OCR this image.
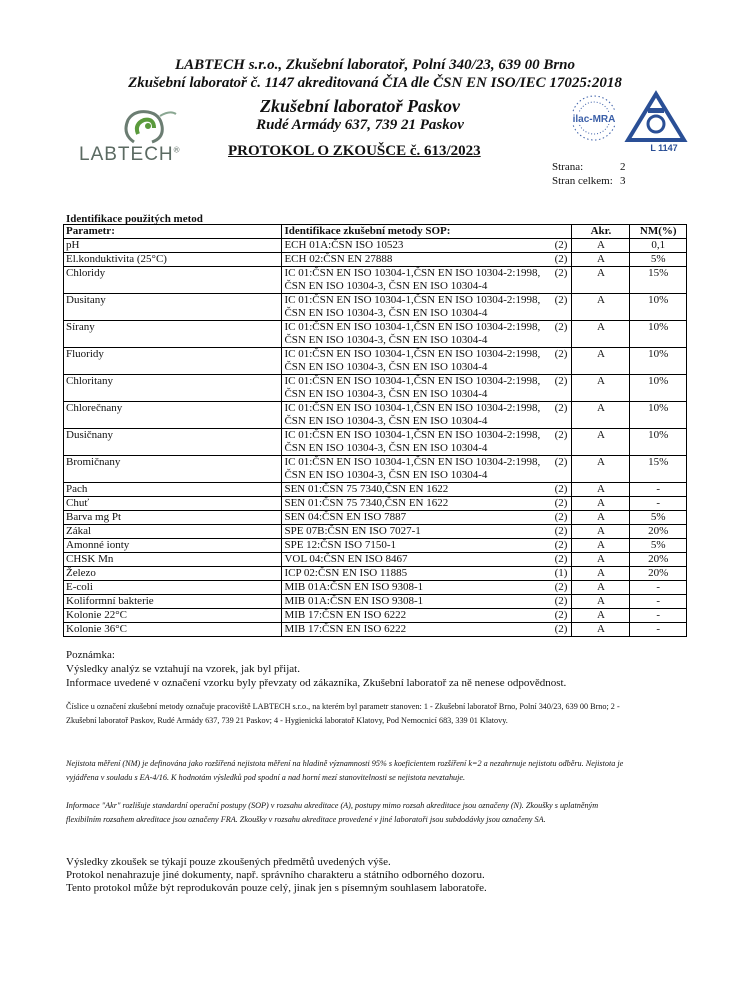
LABTECH s.r.o., Zkušební laboratoř, Polní 340/23, 639 00 Brno
Zkušební laboratoř č. 1147 akreditovaná ČIA dle ČSN EN ISO/IEC 17025:2018
LABTECH®
Zkušební laboratoř Paskov
Rudé Armády 637, 739 21 Paskov	ilac-MRA
L 1147
PROTOKOL O ZKOUŠCE č. 613/2023
Strana:	2
Stran celkem: 3
Identifikace použitých metod
Parametr:	Identifikace zkušební metody SOP:	Akr.	NM(%)
pH	ECH 01A:ČSN ISO 10523 (2)	A	0,1
El.konduktivita (25°C)	ECH 02:ČSN EN 27888 (2)	A	5%
Chloridy	IC 01:ČSN EN ISO 10304-1,ČSN EN ISO 10304-2:1998, (2)
ČSN EN ISO 10304-3, ČSN EN ISO 10304-4	A	15%
Dusitany	IC 01:ČSN EN ISO 10304-1,ČSN EN ISO 10304-2:1998, (2)
ČSN EN ISO 10304-3, ČSN EN ISO 10304-4	A	10%
Sírany	IC 01:ČSN EN ISO 10304-1,ČSN EN ISO 10304-2:1998, (2)
ČSN EN ISO 10304-3, ČSN EN ISO 10304-4	A	10%
Fluoridy	IC 01:ČSN EN ISO 10304-1,ČSN EN ISO 10304-2:1998, (2)
ČSN EN ISO 10304-3, ČSN EN ISO 10304-4	A	10%
Chloritany	IC 01:ČSN EN ISO 10304-1,ČSN EN ISO 10304-2:1998, (2)
ČSN EN ISO 10304-3, ČSN EN ISO 10304-4	A	10%
Chlorečnany	IC 01:ČSN EN ISO 10304-1,ČSN EN ISO 10304-2:1998, (2)
ČSN EN ISO 10304-3, ČSN EN ISO 10304-4	A	10%
Dusičnany	IC 01:ČSN EN ISO 10304-1,ČSN EN ISO 10304-2:1998, (2)
ČSN EN ISO 10304-3, ČSN EN ISO 10304-4	A	10%
Bromičnany	IC 01:ČSN EN ISO 10304-1,ČSN EN ISO 10304-2:1998, (2)
ČSN EN ISO 10304-3, ČSN EN ISO 10304-4	A	15%
Pach	SEN 01:ČSN 75 7340,ČSN EN 1622 (2)	A	-
Chuť	SEN 01:ČSN 75 7340,ČSN EN 1622 (2)	A	-
Barva mg Pt	SEN 04:ČSN EN ISO 7887 (2)	A	5%
Zákal	SPE 07B:ČSN EN ISO 7027-1 (2)	A	20%
Amonné ionty	SPE 12:ČSN ISO 7150-1 (2)	A	5%
CHSK Mn	VOL 04:ČSN EN ISO 8467 (2)	A	20%
Železo	ICP 02:ČSN EN ISO 11885 (1)	A	20%
E-coli	MIB 01A:ČSN EN ISO 9308-1 (2)	A	-
Koliformní bakterie	MIB 01A:ČSN EN ISO 9308-1 (2)	A	-
Kolonie 22°C	MIB 17:ČSN EN ISO 6222 (2)	A	-
Kolonie 36°C	MIB 17:ČSN EN ISO 6222 (2)	A	-
Poznámka:
Výsledky analýz se vztahují na vzorek, jak byl přijat.
Informace uvedené v označení vzorku byly převzaty od zákazníka, Zkušební laboratoř za ně nenese odpovědnost.
Číslice u označení zkušební metody označuje pracoviště LABTECH s.r.o., na kterém byl parametr stanoven: 1 - Zkušební laboratoř Brno, Polní 340/23, 639 00 Brno; 2 - Zkušební laboratoř Paskov, Rudé Armády 637, 739 21 Paskov; 4 - Hygienická laboratoř Klatovy, Pod Nemocnicí 683, 339 01 Klatovy.
Nejistota měření (NM) je definována jako rozšířená nejistota měření na hladině významnosti 95% s koeficientem rozšíření k=2 a nezahrnuje nejistotu odběru. Nejistota je vyjádřena v souladu s EA-4/16. K hodnotám výsledků pod spodní a nad horní mezí stanovitelnosti se nejistota nevztahuje.
Informace "Akr" rozlišuje standardní operační postupy (SOP) v rozsahu akreditace (A), postupy mimo rozsah akreditace jsou označeny (N). Zkoušky s uplatněným flexibilním rozsahem akreditace jsou označeny FRA. Zkoušky v rozsahu akreditace provedené v jiné laboratoři jsou subdodávky jsou označeny SA.
Výsledky zkoušek se týkají pouze zkoušených předmětů uvedených výše.
Protokol nenahrazuje jiné dokumenty, např. správního charakteru a státního odborného dozoru.
Tento protokol může být reprodukován pouze celý, jinak jen s písemným souhlasem laboratoře.
